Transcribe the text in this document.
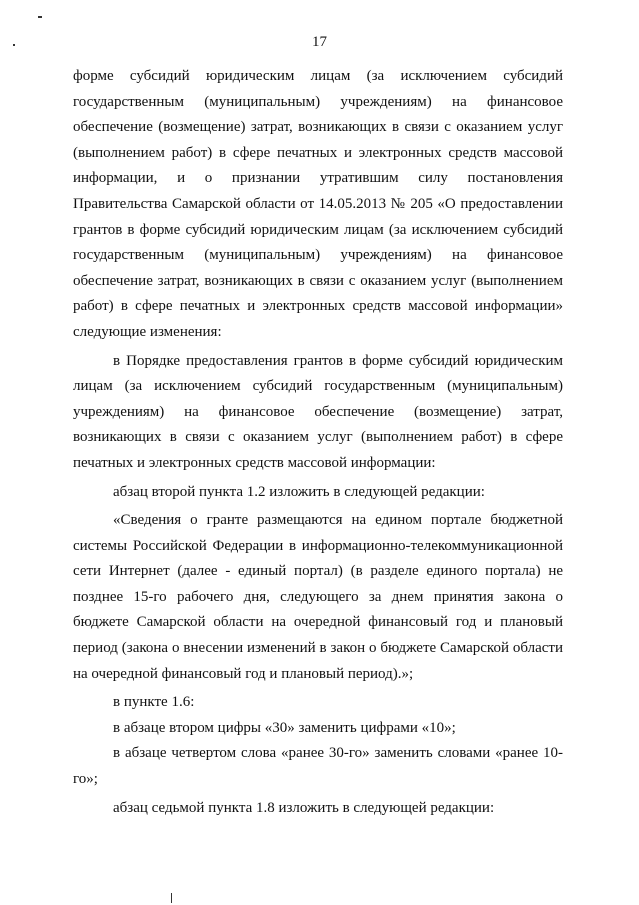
17

форме субсидий юридическим лицам (за исключением субсидий государственным (муниципальным) учреждениям) на финансовое обеспечение (возмещение) затрат, возникающих в связи с оказанием услуг (выполнением работ) в сфере печатных и электронных средств массовой информации, и о признании утратившим силу постановления Правительства Самарской области от 14.05.2013 № 205 «О предоставлении грантов в форме субсидий юридическим лицам (за исключением субсидий государственным (муниципальным) учреждениям) на финансовое обеспечение затрат, возникающих в связи с оказанием услуг (выполнением работ) в сфере печатных и электронных средств массовой информации» следующие изменения:

в Порядке предоставления грантов в форме субсидий юридическим лицам (за исключением субсидий государственным (муниципальным) учреждениям) на финансовое обеспечение (возмещение) затрат, возникающих в связи с оказанием услуг (выполнением работ) в сфере печатных и электронных средств массовой информации:

абзац второй пункта 1.2 изложить в следующей редакции:

«Сведения о гранте размещаются на едином портале бюджетной системы Российской Федерации в информационно-телекоммуникационной сети Интернет (далее - единый портал) (в разделе единого портала) не позднее 15-го рабочего дня, следующего за днем принятия закона о бюджете Самарской области на очередной финансовый год и плановый период (закона о внесении изменений в закон о бюджете Самарской области на очередной финансовый год и плановый период).»;

в пункте 1.6:

в абзаце втором цифры «30» заменить цифрами «10»;

в абзаце четвертом слова «ранее 30-го» заменить словами «ранее 10-го»;

абзац седьмой пункта 1.8 изложить в следующей редакции:
